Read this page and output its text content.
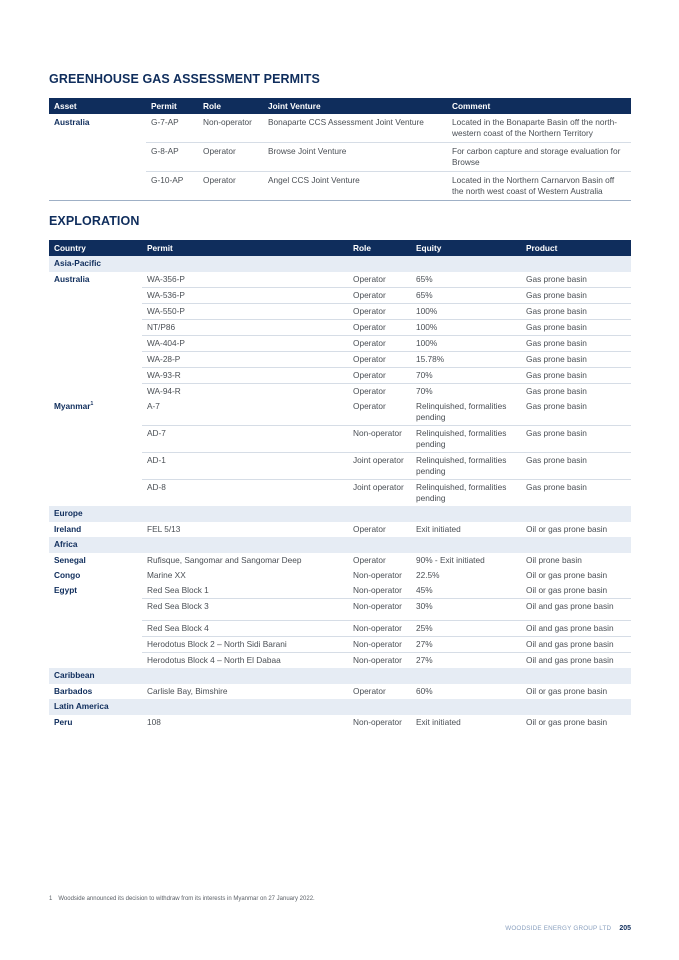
GREENHOUSE GAS ASSESSMENT PERMITS
Asset	Permit	Role	Joint Venture	Comment
Australia	G-7-AP	Non-operator	Bonaparte CCS Assessment Joint Venture	Located in the Bonaparte Basin off the north-western coast of the Northern Territory
	G-8-AP	Operator	Browse Joint Venture	For carbon capture and storage evaluation for Browse
	G-10-AP	Operator	Angel CCS Joint Venture	Located in the Northern Carnarvon Basin off the north west coast of Western Australia
EXPLORATION
Country	Permit	Role	Equity	Product
Asia-Pacific				
Australia	WA-356-P	Operator	65%	Gas prone basin
	WA-536-P	Operator	65%	Gas prone basin
	WA-550-P	Operator	100%	Gas prone basin
	NT/P86	Operator	100%	Gas prone basin
	WA-404-P	Operator	100%	Gas prone basin
	WA-28-P	Operator	15.78%	Gas prone basin
	WA-93-R	Operator	70%	Gas prone basin
	WA-94-R	Operator	70%	Gas prone basin
Myanmar$^1$	A-7	Operator	Relinquished, formalities pending	Gas prone basin
	AD-7	Non-operator	Relinquished, formalities pending	Gas prone basin
	AD-1	Joint operator	Relinquished, formalities pending	Gas prone basin
	AD-8	Joint operator	Relinquished, formalities pending	Gas prone basin
Europe				
Ireland	FEL 5/13	Operator	Exit initiated	Oil or gas prone basin
Africa				
Senegal	Rufisque, Sangomar and Sangomar Deep	Operator	90% - Exit initiated	Oil prone basin
Congo	Marine XX	Non-operator	22.5%	Oil or gas prone basin
Egypt	Red Sea Block 1	Non-operator	45%	Oil or gas prone basin
	Red Sea Block 3	Non-operator	30%	Oil and gas prone basin
	Red Sea Block 4	Non-operator	25%	Oil and gas prone basin
	Herodotus Block 2 – North Sidi Barani	Non-operator	27%	Oil and gas prone basin
	Herodotus Block 4 – North El Dabaa	Non-operator	27%	Oil and gas prone basin
Caribbean				
Barbados	Carlisle Bay, Bimshire	Operator	60%	Oil or gas prone basin
Latin America				
Peru	108	Non-operator	Exit initiated	Oil or gas prone basin
1 Woodside announced its decision to withdraw from its interests in Myanmar on 27 January 2022.
WOODSIDE ENERGY GROUP LTD 205
